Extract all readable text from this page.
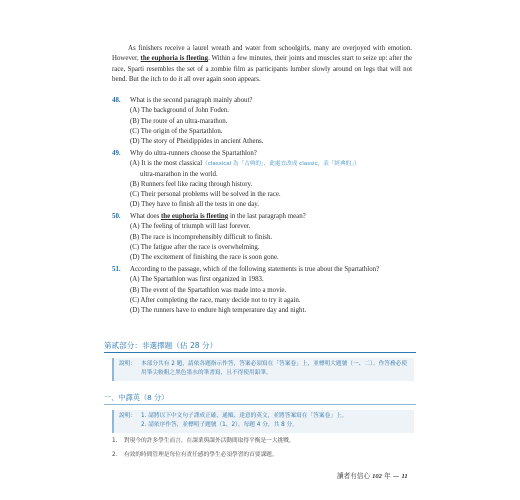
As finishers receive a laurel wreath and water from schoolgirls, many are overjoyed with emotion. However, the euphoria is fleeting. Within a few minutes, their joints and muscles start to seize up: after the race, Sparti resembles the set of a zombie film as participants lumber slowly around on legs that will not bend. But the itch to do it all over again soon appears.
48.	What is the second paragraph mainly about?
(A) The background of John Foden.
(B) The route of an ultra-marathon.
(C) The origin of the Spartathlon.
(D) The story of Pheidippides in ancient Athens.
49.	Why do ultra-runners choose the Spartathlon?
(A) It is the most classical（classical 為「古典的」，此處宜改成 classic，表「經典的」）
ultra-marathon in the world.
(B) Runners feel like racing through history.
(C) Their personal problems will be solved in the race.
(D) They have to finish all the tests in one day.
50.	What does the euphoria is fleeting in the last paragraph mean?
(A) The feeling of triumph will last forever.
(B) The race is incomprehensibly difficult to finish.
(C) The fatigue after the race is overwhelming.
(D) The excitement of finishing the race is soon gone.
51.	According to the passage, which of the following statements is true about the Spartathlon?
(A) The Spartathlon was first organized in 1983.
(B) The event of the Spartathlon was made into a movie.
(C) After completing the race, many decide not to try it again.
(D) The runners have to endure high temperature day and night.
第貳部分：非選擇題（佔 28 分）
說明： 本部分共有 2 題，請依各題指示作答，答案必須寫在「答案卷」上，並標明大題號（一、二）。作答務必使用筆尖較粗之黑色墨水的筆書寫，且不得使用鉛筆。
一、中譯英（8 分）
說明： 1. 請將以下中文句子譯成正確、通順、達意的英文，並將答案寫在「答案卷」上。
2. 請依序作答，並標明子題號（1、2）。每題 4 分，共 8 分。
1. 對現今的許多學生而言，在課業與課外活動間取得平衡是一大挑戰。
2. 有效的時間管理是每位有責任感的學生必須學習的首要課題。
讀者有信心 102 年 — 11
